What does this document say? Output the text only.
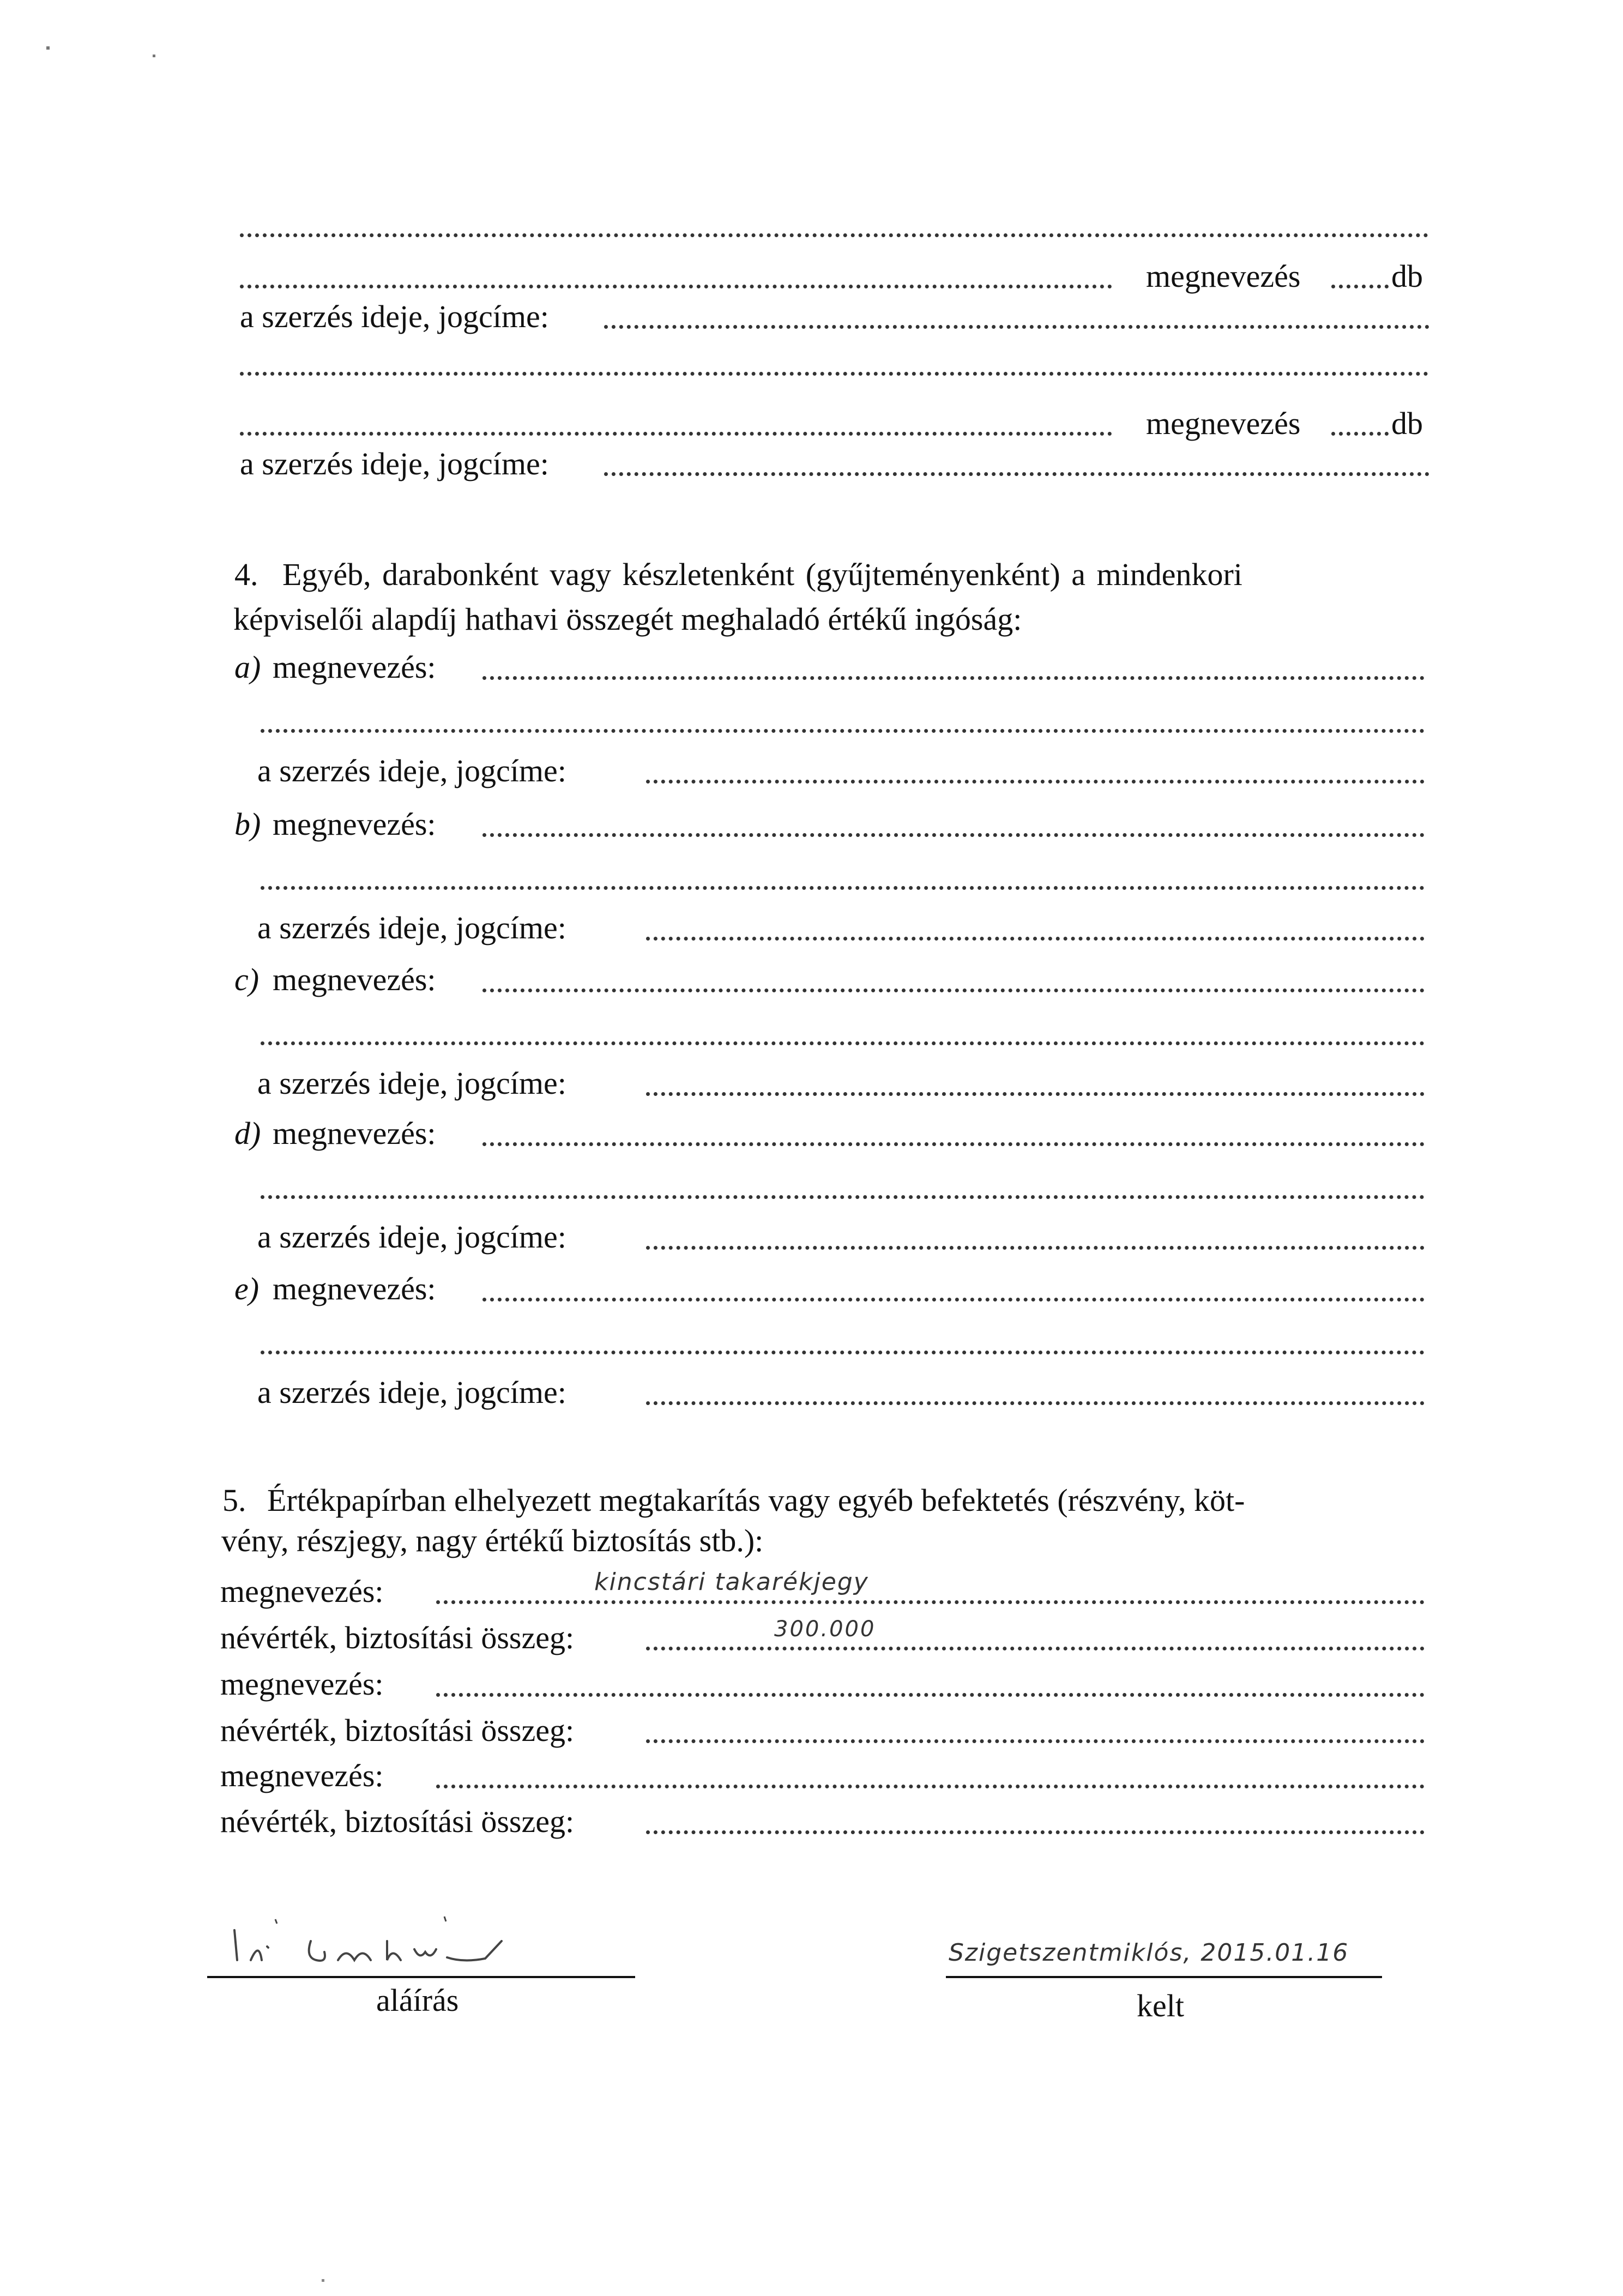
megnevezés	db
a szerzés ideje, jogcíme:
megnevezés	db
a szerzés ideje, jogcíme:
4. Egyéb, darabonként vagy készletenként (gyűjteményenként) a mindenkori
képviselői alapdíj hathavi összegét meghaladó értékű ingóság:
a) megnevezés:
a szerzés ideje, jogcíme:
b) megnevezés:
a szerzés ideje, jogcíme:
c) megnevezés:
a szerzés ideje, jogcíme:
d) megnevezés:
a szerzés ideje, jogcíme:
e) megnevezés:
a szerzés ideje, jogcíme:
5. Értékpapírban elhelyezett megtakarítás vagy egyéb befektetés (részvény, köt-
vény, részjegy, nagy értékű biztosítás stb.):
megnevezés:	kincstári takarékjegy
névérték, biztosítási összeg:	300.000
megnevezés:
névérték, biztosítási összeg:
megnevezés:
névérték, biztosítási összeg:
aláírás
Szigetszentmiklós, 2015.01.16
kelt
